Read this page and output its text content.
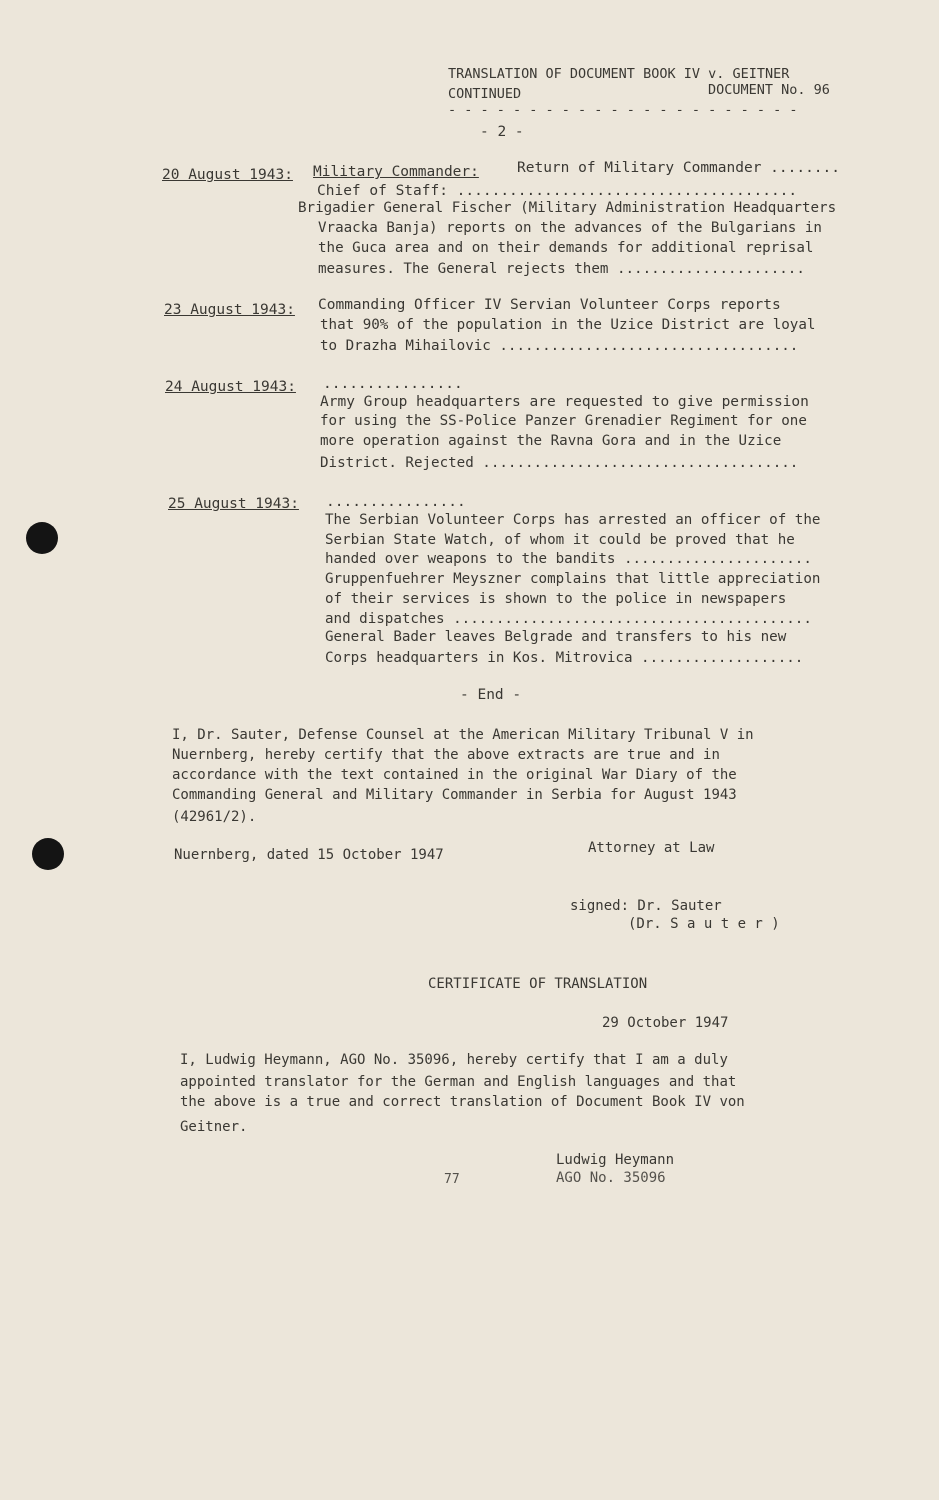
TRANSLATION OF DOCUMENT BOOK IV v. GEITNER
CONTINUED	DOCUMENT No. 96
- - - - - - - - - - - - - - - - - - - - - -
- 2 -
20 August 1943: Military Commander:	Return of Military Commander ........
Chief of Staff: .......................................
Brigadier General Fischer (Military Administration Headquarters
Vraacka Banja) reports on the advances of the Bulgarians in
the Guca area and on their demands for additional reprisal
measures. The General rejects them ......................
23 August 1943: Commanding Officer IV Servian Volunteer Corps reports
that 90% of the population in the Uzice District are loyal
to Drazha Mihailovic ...................................
24 August 1943: ................
Army Group headquarters are requested to give permission
for using the SS-Police Panzer Grenadier Regiment for one
more operation against the Ravna Gora and in the Uzice
District. Rejected .....................................
25 August 1943: ................
The Serbian Volunteer Corps has arrested an officer of the
Serbian State Watch, of whom it could be proved that he
handed over weapons to the bandits ......................
Gruppenfuehrer Meyszner complains that little appreciation
of their services is shown to the police in newspapers
and dispatches ..........................................
General Bader leaves Belgrade and transfers to his new
Corps headquarters in Kos. Mitrovica ...................
- End -
I, Dr. Sauter, Defense Counsel at the American Military Tribunal V in
Nuernberg, hereby certify that the above extracts are true and in
accordance with the text contained in the original War Diary of the
Commanding General and Military Commander in Serbia for August 1943
(42961/2).
Nuernberg, dated 15 October 1947	Attorney at Law
signed: Dr. Sauter
(Dr. S a u t e r )
CERTIFICATE OF TRANSLATION
29 October 1947
I, Ludwig Heymann, AGO No. 35096, hereby certify that I am a duly
appointed translator for the German and English languages and that
the above is a true and correct translation of Document Book IV von
Geitner.
Ludwig Heymann
AGO No. 35096
77
